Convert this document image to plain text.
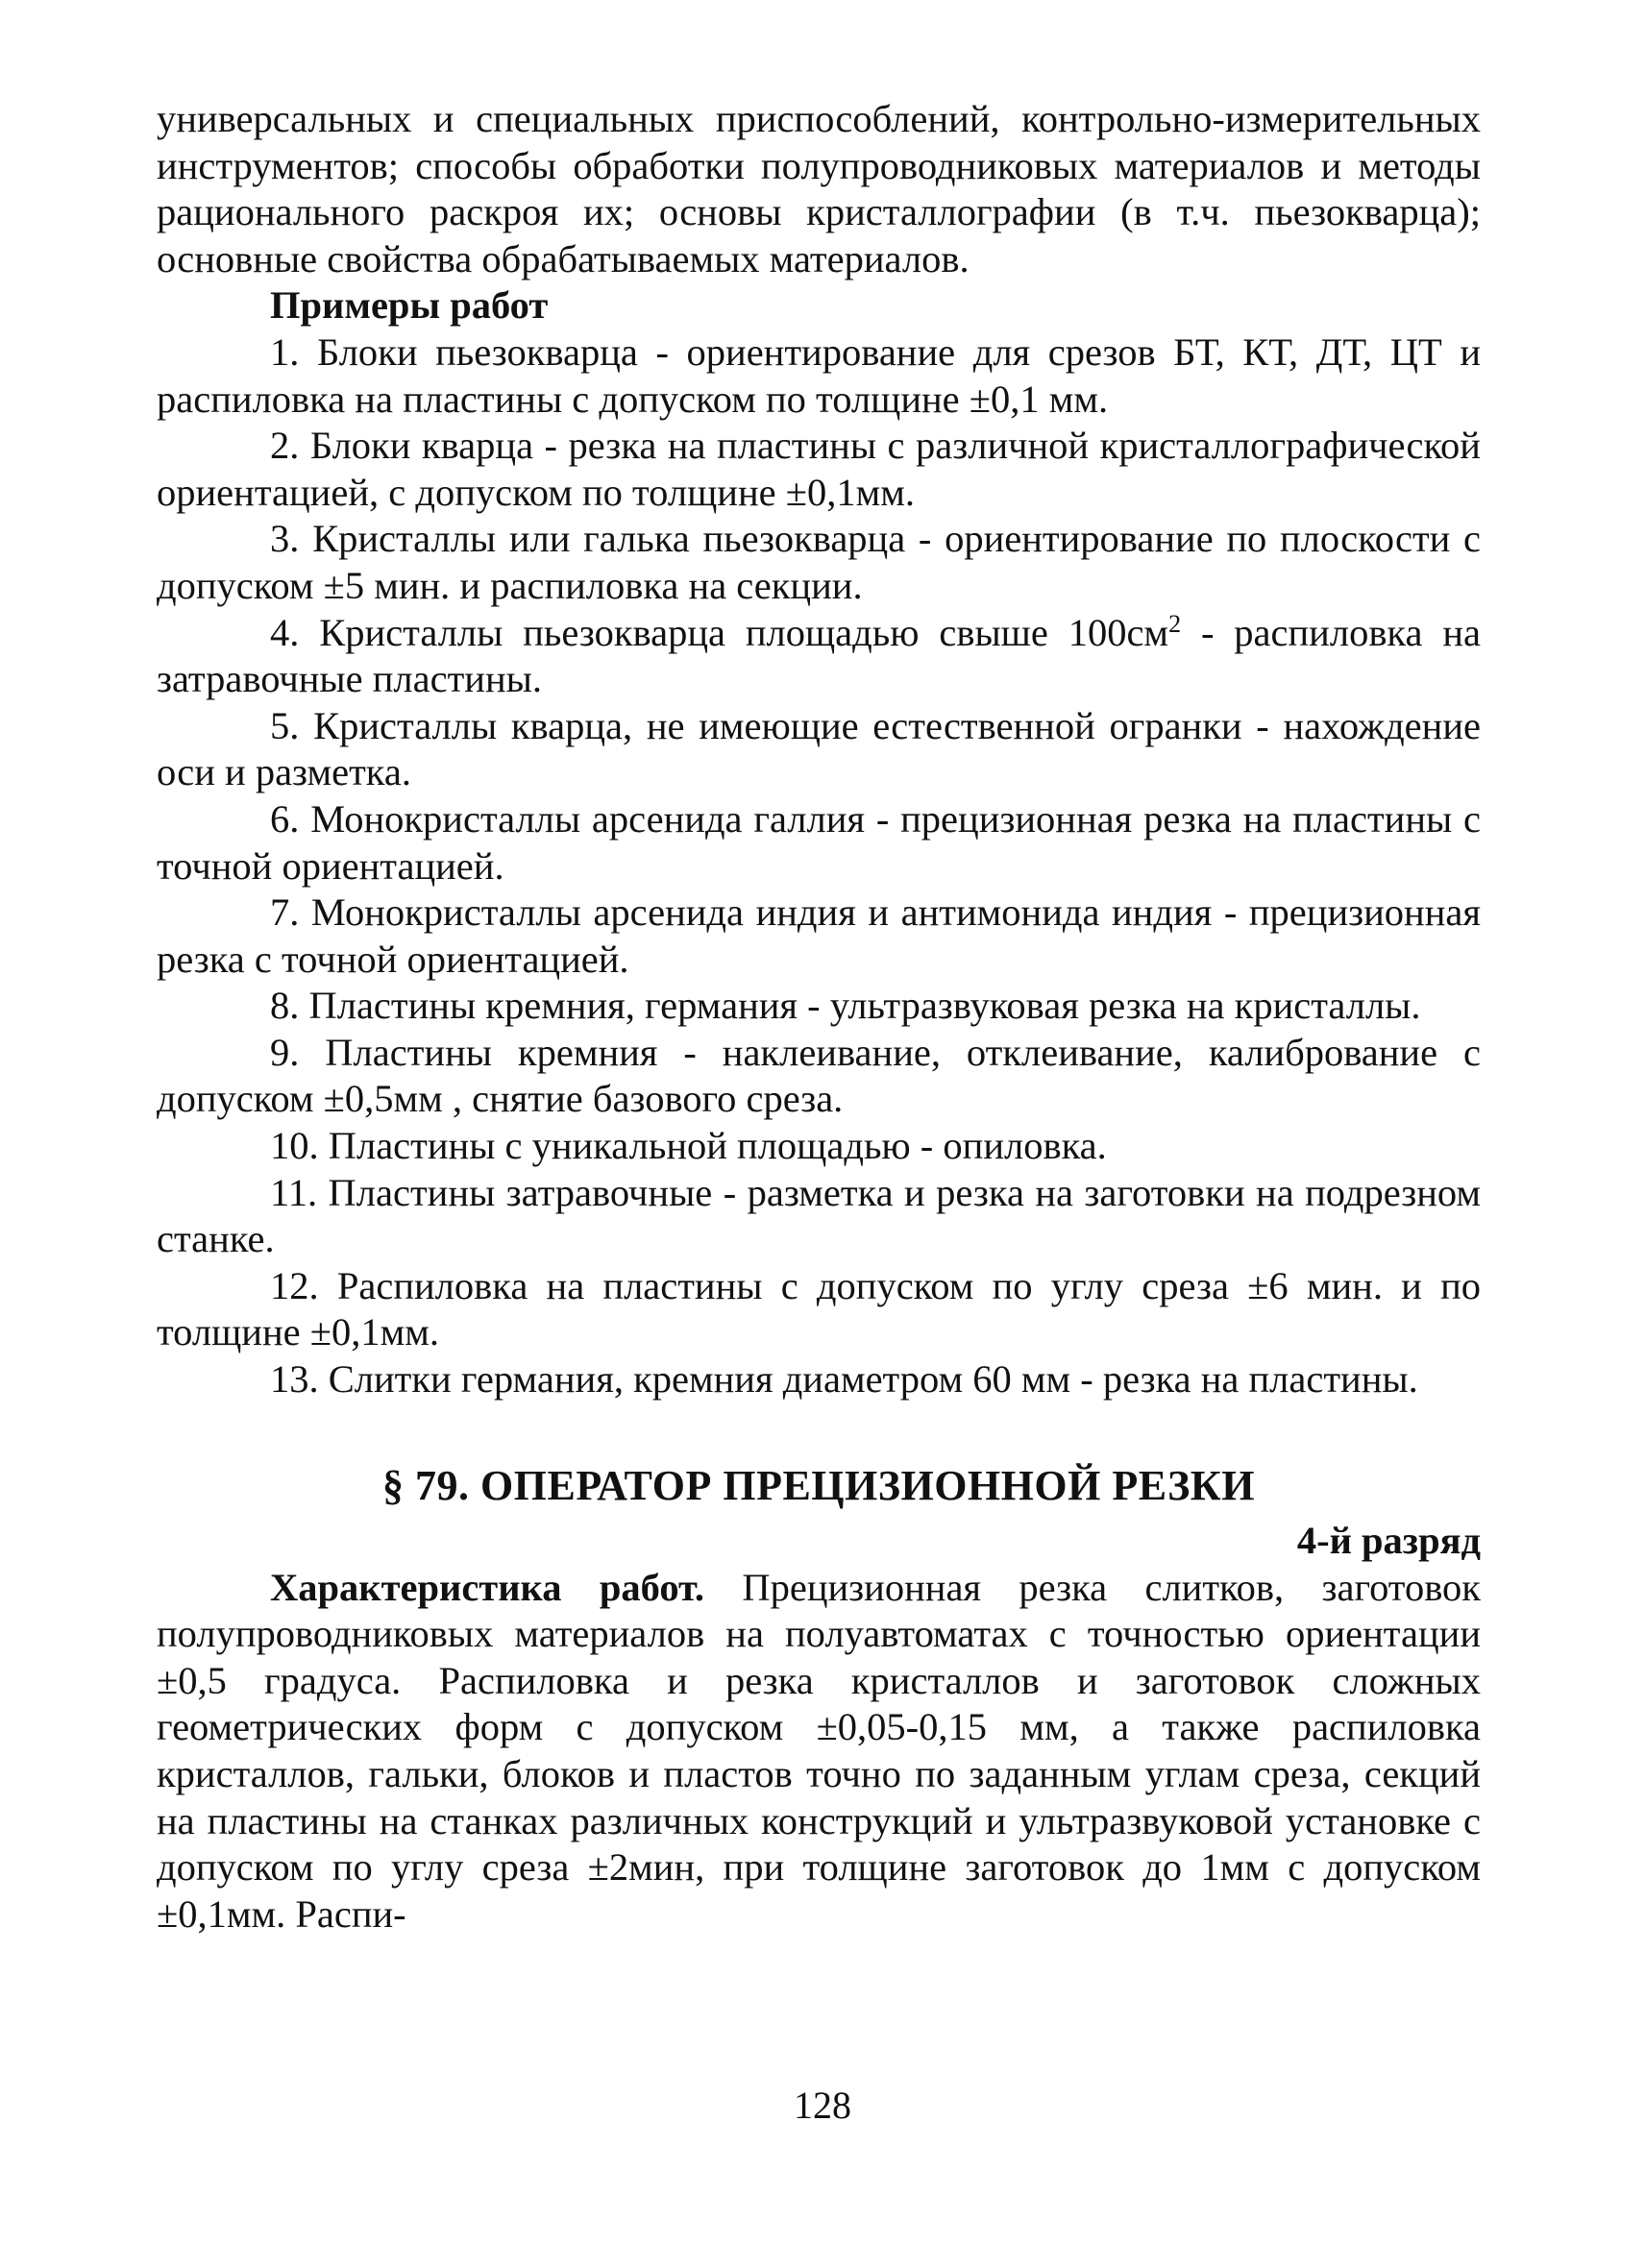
универсальных и специальных приспособлений, контрольно-измерительных инструментов; способы обработки полупроводниковых материалов и методы рационального раскроя их; основы кристаллографии (в т.ч. пьезокварца); основные свойства обрабатываемых материалов.

Примеры работ

1. Блоки пьезокварца - ориентирование для срезов БТ, КТ, ДТ, ЦТ и распиловка на пластины с допуском по толщине ±0,1 мм.

2. Блоки кварца - резка на пластины с различной кристаллографической ориентацией, с допуском по толщине ±0,1мм.

3. Кристаллы или галька пьезокварца - ориентирование по плоскости с допуском ±5 мин. и распиловка на секции.

4. Кристаллы пьезокварца площадью свыше $100см^2$ - распиловка на затравочные пластины.

5. Кристаллы кварца, не имеющие естественной огранки - нахождение оси и разметка.

6. Монокристаллы арсенида галлия - прецизионная резка на пластины с точной ориентацией.

7. Монокристаллы арсенида индия и антимонида индия - прецизионная резка с точной ориентацией.

8. Пластины кремния, германия - ультразвуковая резка на кристаллы.

9. Пластины кремния - наклеивание, отклеивание, калибрование с допуском ±0,5мм , снятие базового среза.

10. Пластины с уникальной площадью - опиловка.

11. Пластины затравочные - разметка и резка на заготовки на подрезном станке.

12. Распиловка на пластины с допуском по углу среза ±6 мин. и по толщине ±0,1мм.

13. Слитки германия, кремния диаметром 60 мм - резка на пластины.

§ 79. ОПЕРАТОР ПРЕЦИЗИОННОЙ РЕЗКИ
4-й разряд

Характеристика работ. Прецизионная резка слитков, заготовок полупроводниковых материалов на полуавтоматах с точностью ориентации ±0,5 градуса. Распиловка и резка кристаллов и заготовок сложных геометрических форм с допуском ±0,05-0,15 мм, а также распиловка кристаллов, гальки, блоков и пластов точно по заданным углам среза, секций на пластины на станках различных конструкций и ультразвуковой установке с допуском по углу среза ±2мин, при толщине заготовок до 1мм с допуском ±0,1мм. Распи-

128
